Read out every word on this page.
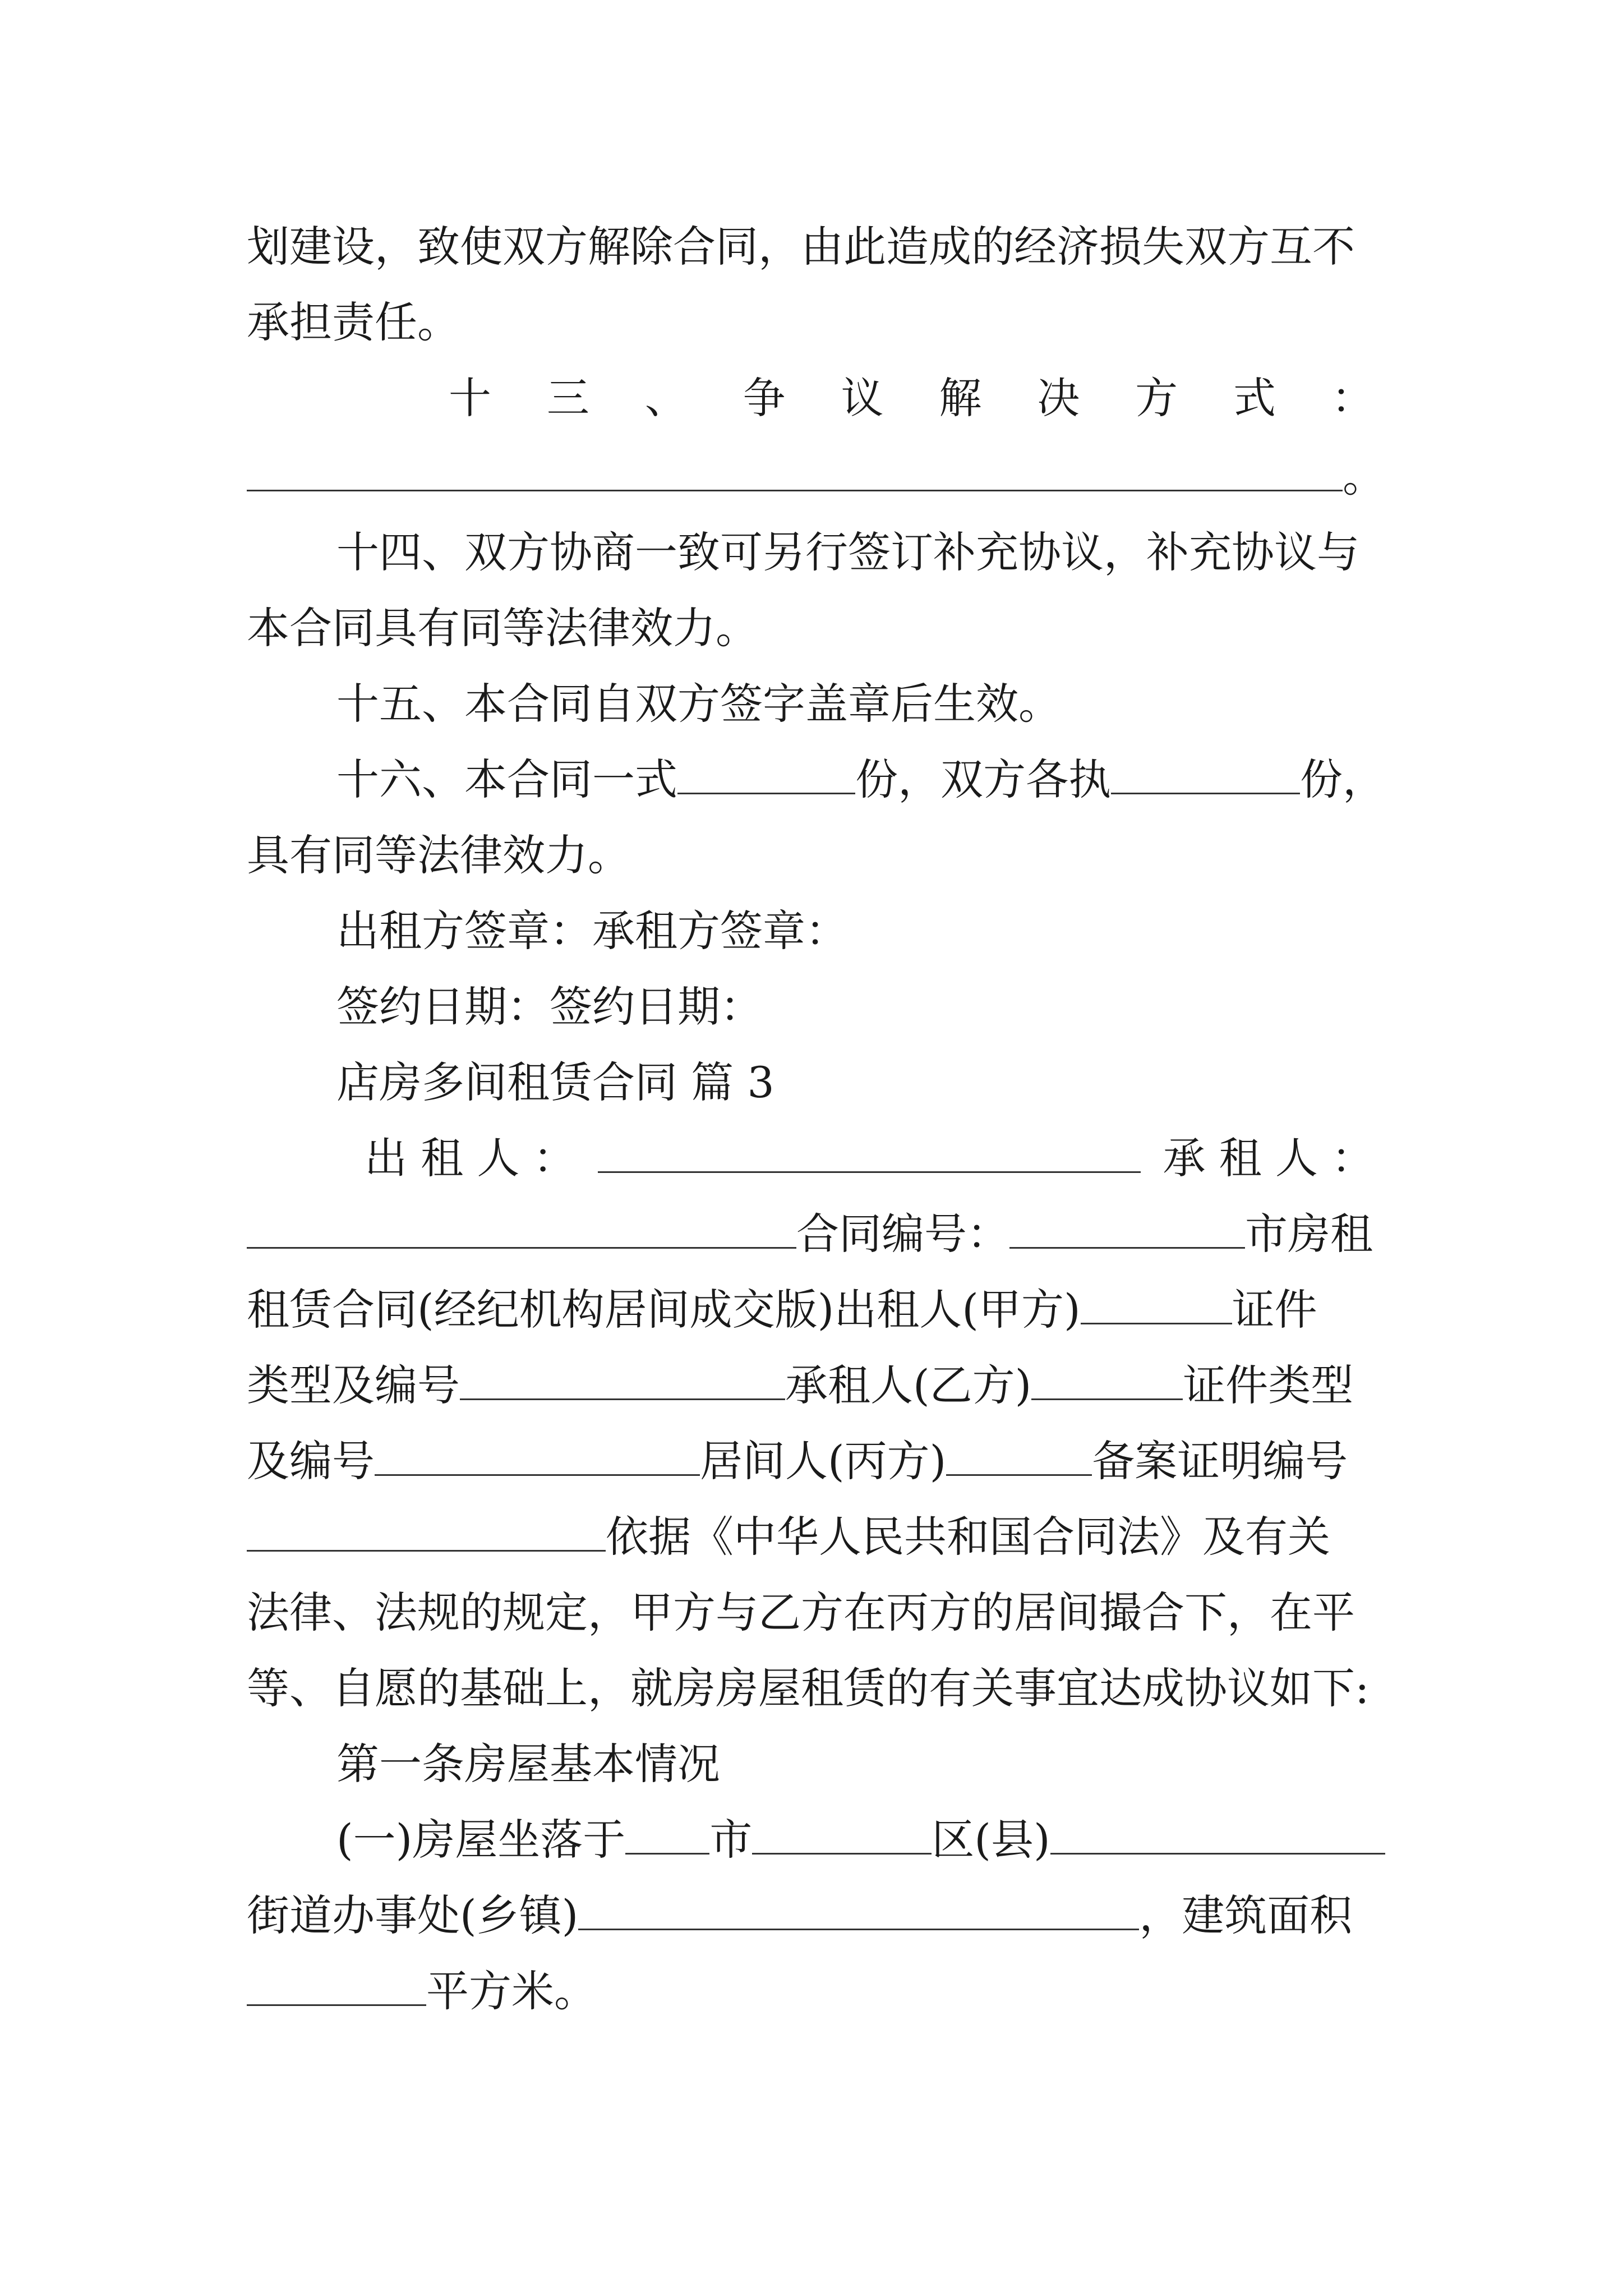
划建设，致使双方解除合同，由此造成的经济损失双方互不
承担责任。
十 三 、 争 议 解 决 方 式 ：
。
十四、双方协商一致可另行签订补充协议，补充协议与
本合同具有同等法律效力。
十五、本合同自双方签字盖章后生效。
十六、本合同一式	份，双方各执	份，
具有同等法律效力。
出租方签章：承租方签章：
签约日期：签约日期：
店房多间租赁合同 篇 3
出 租 人 ：	承 租 人 ：
合同编号：	市房租
租赁合同(经纪机构居间成交版)出租人(甲方)	证件
类型及编号	承租人(乙方)	证件类型
及编号	居间人(丙方)	备案证明编号
依据《中华人民共和国合同法》及有关
法律、法规的规定，甲方与乙方在丙方的居间撮合下，在平
等、自愿的基础上，就房房屋租赁的有关事宜达成协议如下:
第一条房屋基本情况
(一)房屋坐落于 市	区(县)
街道办事处(乡镇)	，建筑面积
平方米。
